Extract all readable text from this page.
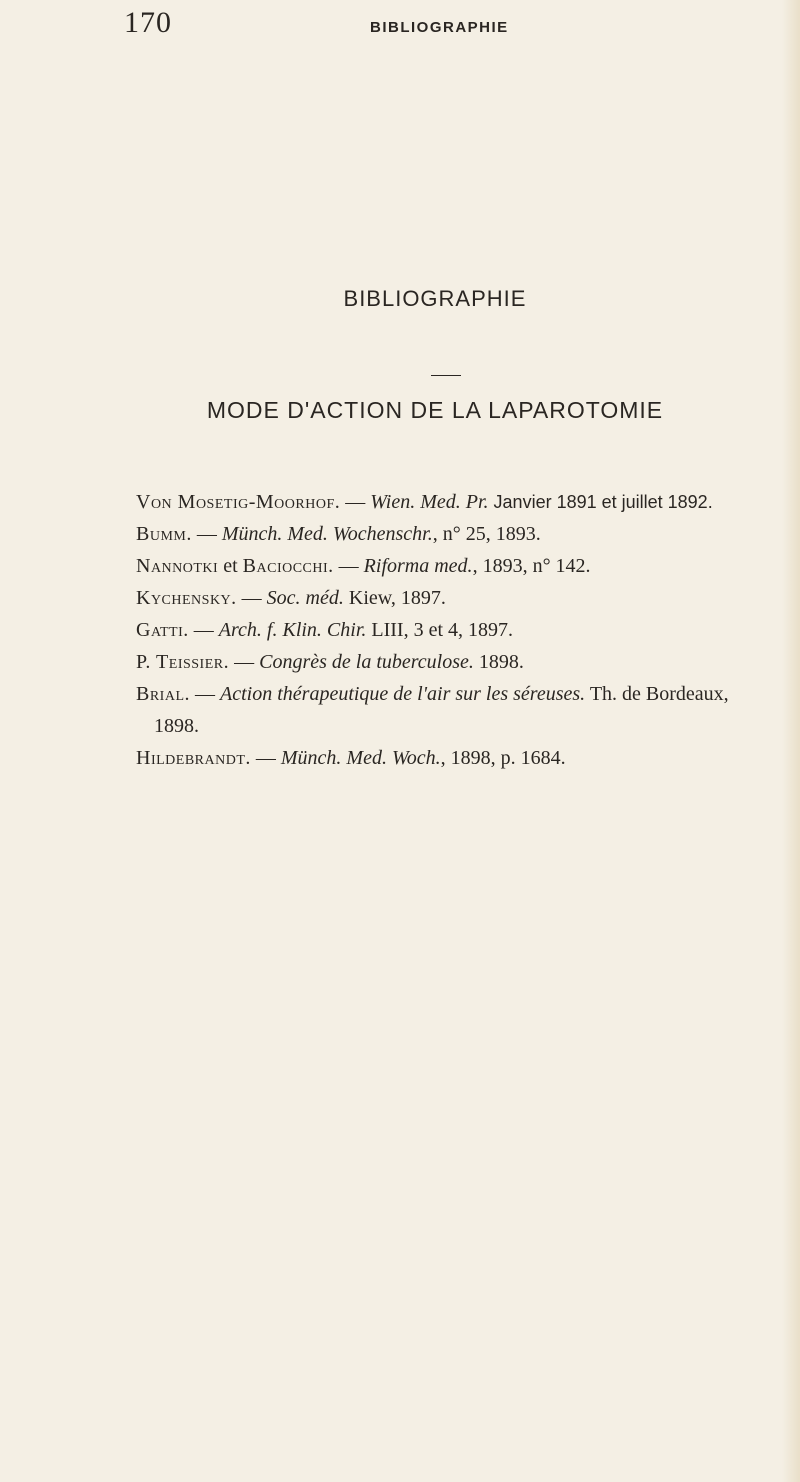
170	BIBLIOGRAPHIE
BIBLIOGRAPHIE
MODE D'ACTION DE LA LAPAROTOMIE
Von Mosetig-Moorhof. — Wien. Med. Pr. Janvier 1891 et juillet 1892.
Bumm. — Münch. Med. Wochenschr., n° 25, 1893.
Nannotki et Baciocchi. — Riforma med., 1893, n° 142.
Kychensky. — Soc. méd. Kiew, 1897.
Gatti. — Arch. f. Klin. Chir. LIII, 3 et 4, 1897.
P. Teissier. — Congrès de la tuberculose. 1898.
Brial. — Action thérapeutique de l'air sur les séreuses. Th. de Bordeaux, 1898.
Hildebrandt. — Münch. Med. Woch., 1898, p. 1684.
